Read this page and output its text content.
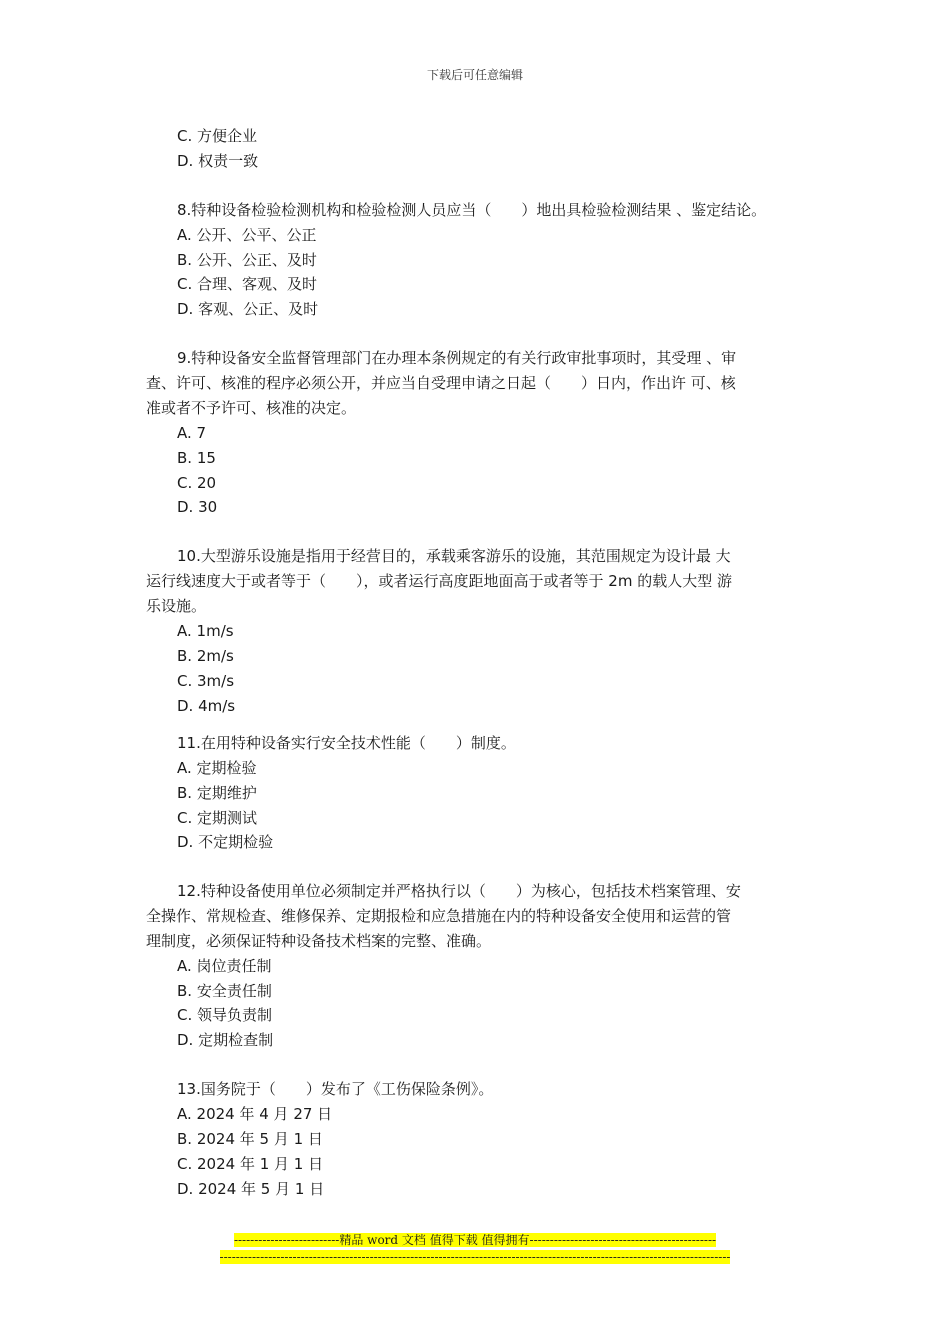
下载后可任意编辑
C. 方便企业
D. 权责一致
8.特种设备检验检测机构和检验检测人员应当（　　）地出具检验检测结果 、鉴定结论。
A. 公开、公平、公正
B. 公开、公正、及时
C. 合理、客观、及时
D. 客观、公正、及时
9.特种设备安全监督管理部门在办理本条例规定的有关行政审批事项时，其受理 、审
查、许可、核准的程序必须公开，并应当自受理申请之日起（　　）日内，作出许 可、核
准或者不予许可、核准的决定。
A. 7
B. 15
C. 20
D. 30
10.大型游乐设施是指用于经营目的，承载乘客游乐的设施，其范围规定为设计最 大
运行线速度大于或者等于（　　），或者运行高度距地面高于或者等于 2m 的载人大型 游
乐设施。
A. 1m/s
B. 2m/s
C. 3m/s
D. 4m/s
11.在用特种设备实行安全技术性能（　　）制度。
A. 定期检验
B. 定期维护
C. 定期测试
D. 不定期检验
12.特种设备使用单位必须制定并严格执行以（　　）为核心，包括技术档案管理、安
全操作、常规检查、维修保养、定期报检和应急措施在内的特种设备安全使用和运营的管
理制度，必须保证特种设备技术档案的完整、准确。
A. 岗位责任制
B. 安全责任制
C. 领导负责制
D. 定期检查制
13.国务院于（　　）发布了《工伤保险条例》。
A. 2024 年 4 月 27 日
B. 2024 年 5 月 1 日
C. 2024 年 1 月 1 日
D. 2024 年 5 月 1 日
--------------------------精品 word 文档 值得下载 值得拥有----------------------------------------------
------------------------------------------------------------------------------------------------------------------------------
